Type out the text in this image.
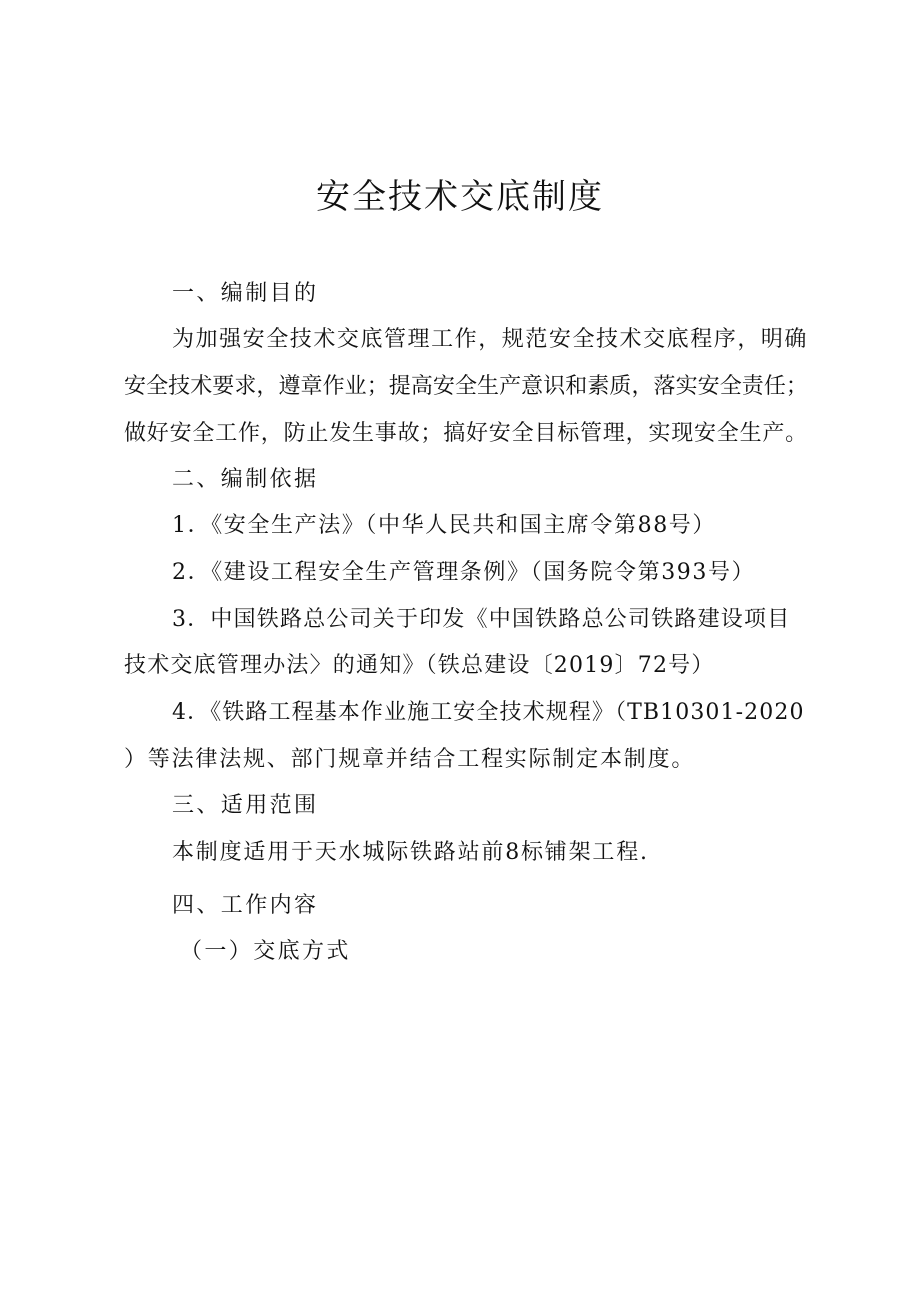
安全技术交底制度

一、编制目的

为加强安全技术交底管理工作，规范安全技术交底程序，明确

安全技术要求，遵章作业；提高安全生产意识和素质，落实安全责任；

做好安全工作，防止发生事故；搞好安全目标管理，实现安全生产。

二、编制依据

1．《安全生产法》（中华人民共和国主席令第88号）

2．《建设工程安全生产管理条例》（国务院令第393号）

3．中国铁路总公司关于印发《中国铁路总公司铁路建设项目

技术交底管理办法〉的通知》（铁总建设〔2019〕72号）

4．《铁路工程基本作业施工安全技术规程》（TB10301-2020

）等法律法规、部门规章并结合工程实际制定本制度。

三、适用范围

本制度适用于天水城际铁路站前8标铺架工程.

四、工作内容

（一）交底方式
